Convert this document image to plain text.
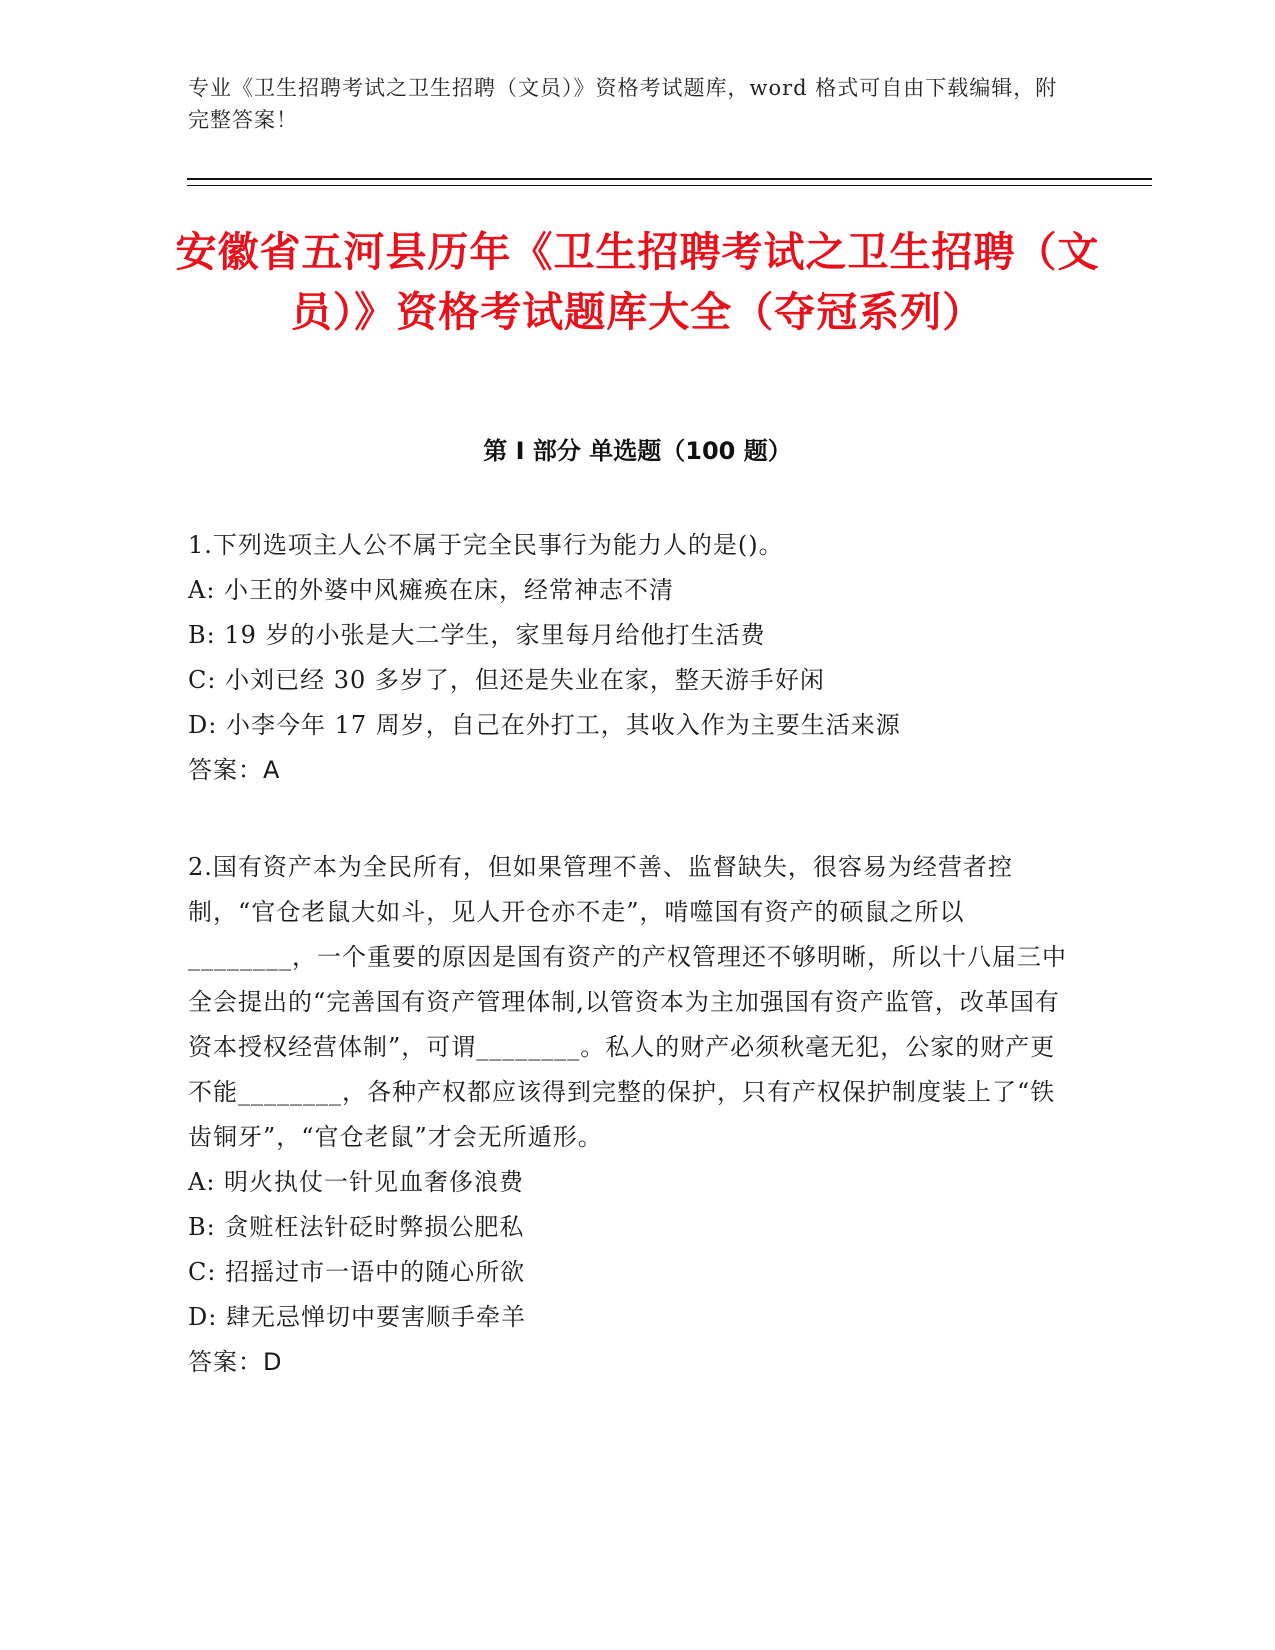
专业《卫生招聘考试之卫生招聘（文员）》资格考试题库，word 格式可自由下载编辑，附完整答案！
安徽省五河县历年《卫生招聘考试之卫生招聘（文员）》资格考试题库大全（夺冠系列）
第 I 部分 单选题（100 题）

1.下列选项主人公不属于完全民事行为能力人的是()。

A: 小王的外婆中风瘫痪在床，经常神志不清

B: 19 岁的小张是大二学生，家里每月给他打生活费

C: 小刘已经 30 多岁了，但还是失业在家，整天游手好闲

D: 小李今年 17 周岁，自己在外打工，其收入作为主要生活来源

答案：A

2.国有资产本为全民所有，但如果管理不善、监督缺失，很容易为经营者控制，“官仓老鼠大如斗，见人开仓亦不走”，啃噬国有资产的硕鼠之所以________，一个重要的原因是国有资产的产权管理还不够明晰，所以十八届三中全会提出的“完善国有资产管理体制,以管资本为主加强国有资产监管，改革国有资本授权经营体制”，可谓________。私人的财产必须秋毫无犯，公家的财产更不能________，各种产权都应该得到完整的保护，只有产权保护制度装上了“铁齿铜牙”，“官仓老鼠”才会无所遁形。

A: 明火执仗一针见血奢侈浪费

B: 贪赃枉法针砭时弊损公肥私

C: 招摇过市一语中的随心所欲

D: 肆无忌惮切中要害顺手牵羊

答案：D
